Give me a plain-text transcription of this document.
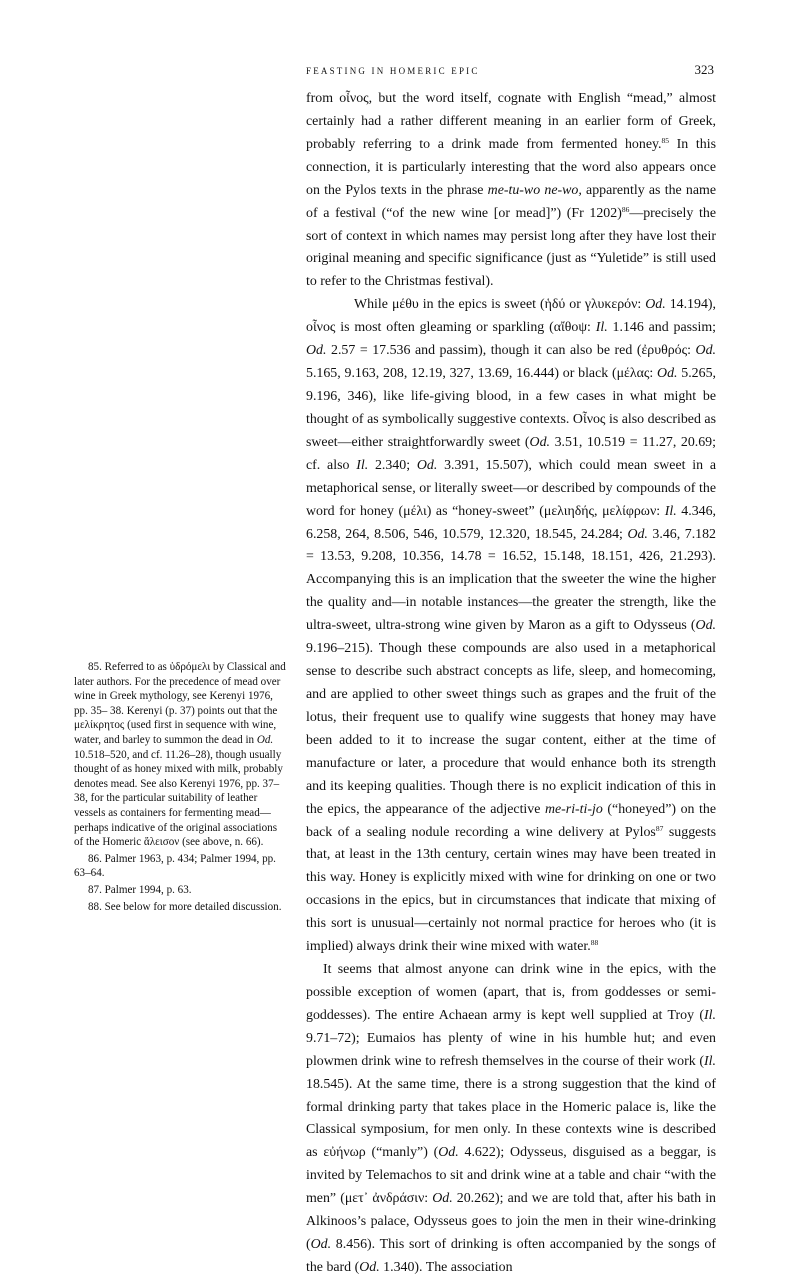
FEASTING IN HOMERIC EPIC	323

from οἶνος, but the word itself, cognate with English “mead,” almost certainly had a rather different meaning in an earlier form of Greek, probably referring to a drink made from fermented honey.$^{85}$ In this connection, it is particularly interesting that the word also appears once on the Pylos texts in the phrase me-tu-wo ne-wo, apparently as the name of a festival (“of the new wine [or mead]”) (Fr 1202)$^{86}$—precisely the sort of context in which names may persist long after they have lost their original meaning and specific significance (just as “Yuletide” is still used to refer to the Christmas festival).

While μέθυ in the epics is sweet (ἡδύ or γλυκερόν: Od. 14.194), οἶνος is most often gleaming or sparkling (αἴθοψ: Il. 1.146 and passim; Od. 2.57 = 17.536 and passim), though it can also be red (ἐρυθρός: Od. 5.165, 9.163, 208, 12.19, 327, 13.69, 16.444) or black (μέλας: Od. 5.265, 9.196, 346), like life-giving blood, in a few cases in what might be thought of as symbolically suggestive contexts. Οἶνος is also described as sweet—either straightforwardly sweet (Od. 3.51, 10.519 = 11.27, 20.69; cf. also Il. 2.340; Od. 3.391, 15.507), which could mean sweet in a metaphorical sense, or literally sweet—or described by compounds of the word for honey (μέλι) as “honey-sweet” (μελιηδής, μελίφρων: Il. 4.346, 6.258, 264, 8.506, 546, 10.579, 12.320, 18.545, 24.284; Od. 3.46, 7.182 = 13.53, 9.208, 10.356, 14.78 = 16.52, 15.148, 18.151, 426, 21.293). Accompanying this is an implication that the sweeter the wine the higher the quality and—in notable instances—the greater the strength, like the ultra-sweet, ultra-strong wine given by Maron as a gift to Odysseus (Od. 9.196–215). Though these compounds are also used in a metaphorical sense to describe such abstract concepts as life, sleep, and homecoming, and are applied to other sweet things such as grapes and the fruit of the lotus, their frequent use to qualify wine suggests that honey may have been added to it to increase the sugar content, either at the time of manufacture or later, a procedure that would enhance both its strength and its keeping qualities. Though there is no explicit indication of this in the epics, the appearance of the adjective me-ri-ti-jo (“honeyed”) on the back of a sealing nodule recording a wine delivery at Pylos$^{87}$ suggests that, at least in the 13th century, certain wines may have been treated in this way. Honey is explicitly mixed with wine for drinking on one or two occasions in the epics, but in circumstances that indicate that mixing of this sort is unusual—certainly not normal practice for heroes who (it is implied) always drink their wine mixed with water.$^{88}$

It seems that almost anyone can drink wine in the epics, with the possible exception of women (apart, that is, from goddesses or semi-goddesses). The entire Achaean army is kept well supplied at Troy (Il. 9.71–72); Eumaios has plenty of wine in his humble hut; and even plowmen drink wine to refresh themselves in the course of their work (Il. 18.545). At the same time, there is a strong suggestion that the kind of formal drinking party that takes place in the Homeric palace is, like the Classical symposium, for men only. In these contexts wine is described as εὐήνωρ (“manly”) (Od. 4.622); Odysseus, disguised as a beggar, is invited by Telemachos to sit and drink wine at a table and chair “with the men” (μετ᾽ ἀνδράσιν: Od. 20.262); and we are told that, after his bath in Alkinoos’s palace, Odysseus goes to join the men in their wine-drinking (Od. 8.456). This sort of drinking is often accompanied by the songs of the bard (Od. 1.340). The association

85. Referred to as ὑδρόμελι by Classical and later authors. For the precedence of mead over wine in Greek mythology, see Kerenyi 1976, pp. 35– 38. Kerenyi (p. 37) points out that the μελίκρητος (used first in sequence with wine, water, and barley to summon the dead in Od. 10.518–520, and cf. 11.26–28), though usually thought of as honey mixed with milk, probably denotes mead. See also Kerenyi 1976, pp. 37–38, for the particular suitability of leather vessels as containers for fermenting mead—perhaps indicative of the original associations of the Homeric ἄλεισον (see above, n. 66).

86. Palmer 1963, p. 434; Palmer 1994, pp. 63–64.

87. Palmer 1994, p. 63.

88. See below for more detailed discussion.
